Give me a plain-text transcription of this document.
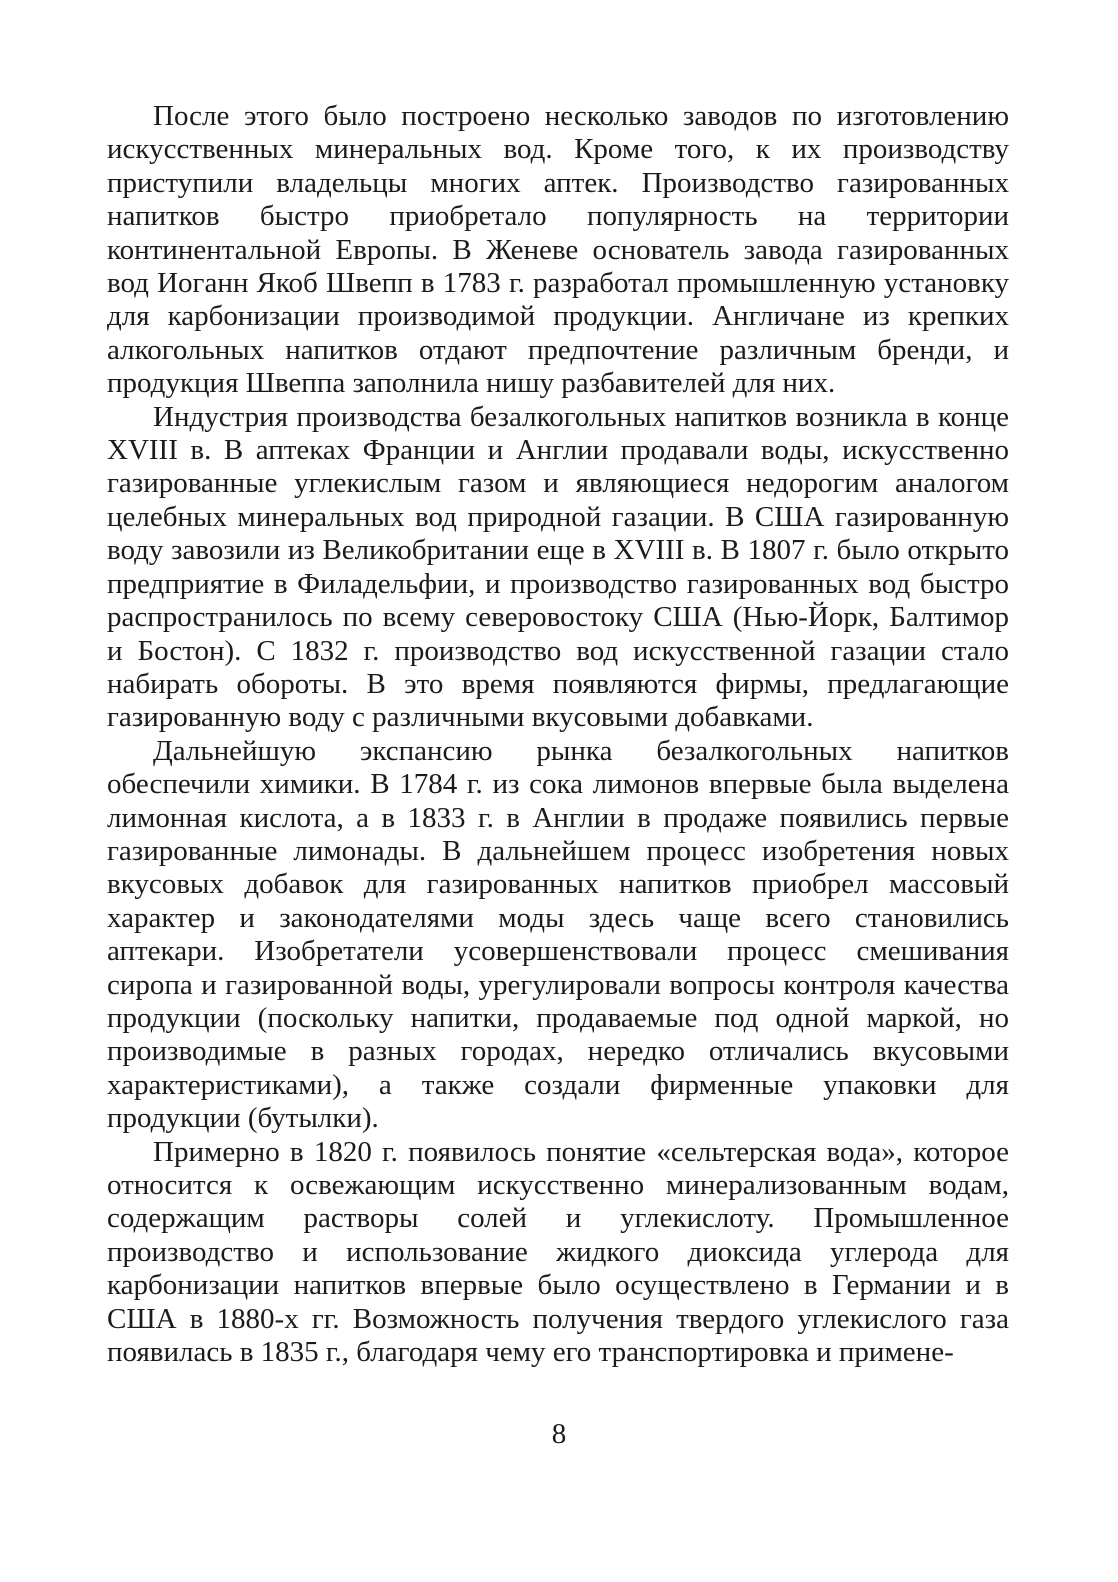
После этого было построено несколько заводов по изготовлению искусственных минеральных вод. Кроме того, к их производству приступили владельцы многих аптек. Производство газированных напитков быстро приобретало популярность на территории континентальной Европы. В Женеве основатель завода газированных вод Иоганн Якоб Швепп в 1783 г. разработал промышленную установку для карбонизации производимой продукции. Англичане из крепких алкогольных напитков отдают предпочтение различным бренди, и продукция Швеппа заполнила нишу разбавителей для них.

Индустрия производства безалкогольных напитков возникла в конце XVIII в. В аптеках Франции и Англии продавали воды, искусственно газированные углекислым газом и являющиеся недорогим аналогом целебных минеральных вод природной газации. В США газированную воду завозили из Великобритании еще в XVIII в. В 1807 г. было открыто предприятие в Филадельфии, и производство газированных вод быстро распространилось по всему северовостоку США (Нью-Йорк, Балтимор и Бостон). С 1832 г. производство вод искусственной газации стало набирать обороты. В это время появляются фирмы, предлагающие газированную воду с различными вкусовыми добавками.

Дальнейшую экспансию рынка безалкогольных напитков обеспечили химики. В 1784 г. из сока лимонов впервые была выделена лимонная кислота, а в 1833 г. в Англии в продаже появились первые газированные лимонады. В дальнейшем процесс изобретения новых вкусовых добавок для газированных напитков приобрел массовый характер и законодателями моды здесь чаще всего становились аптекари. Изобретатели усовершенствовали процесс смешивания сиропа и газированной воды, урегулировали вопросы контроля качества продукции (поскольку напитки, продаваемые под одной маркой, но производимые в разных городах, нередко отличались вкусовыми характеристиками), а также создали фирменные упаковки для продукции (бутылки).

Примерно в 1820 г. появилось понятие «сельтерская вода», которое относится к освежающим искусственно минерализованным водам, содержащим растворы солей и углекислоту. Промышленное производство и использование жидкого диоксида углерода для карбонизации напитков впервые было осуществлено в Германии и в США в 1880-х гг. Возможность получения твердого углекислого газа появилась в 1835 г., благодаря чему его транспортировка и примене-

8
